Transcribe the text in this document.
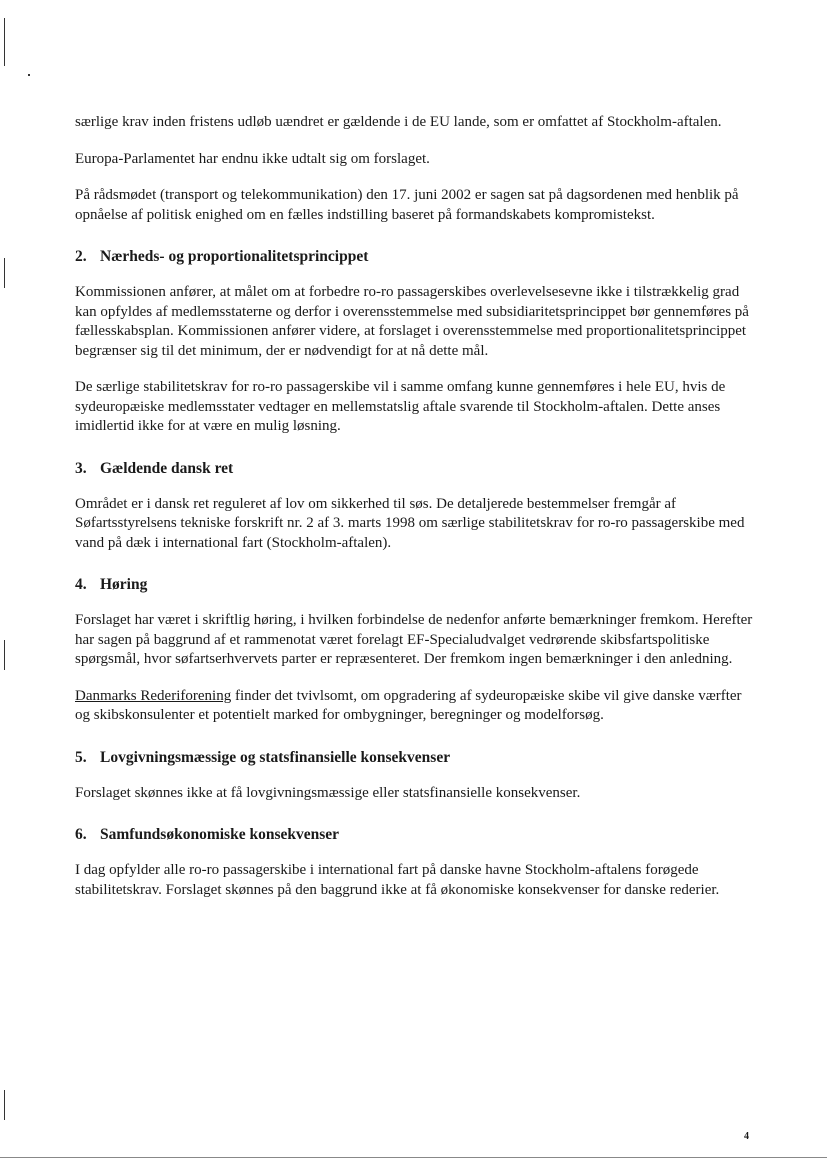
særlige krav inden fristens udløb uændret er gældende i de EU lande, som er omfattet af Stockholm-aftalen.

Europa-Parlamentet har endnu ikke udtalt sig om forslaget.

På rådsmødet (transport og telekommunikation) den 17. juni 2002 er sagen sat på dagsordenen med henblik på opnåelse af politisk enighed om en fælles indstilling baseret på formandskabets kompromistekst.

2. Nærheds- og proportionalitetsprincippet

Kommissionen anfører, at målet om at forbedre ro-ro passagerskibes overlevelsesevne ikke i tilstrækkelig grad kan opfyldes af medlemsstaterne og derfor i overensstemmelse med subsidiaritetsprincippet bør gennemføres på fællesskabsplan. Kommissionen anfører videre, at forslaget i overensstemmelse med proportionalitetsprincippet begrænser sig til det minimum, der er nødvendigt for at nå dette mål.

De særlige stabilitetskrav for ro-ro passagerskibe vil i samme omfang kunne gennemføres i hele EU, hvis de sydeuropæiske medlemsstater vedtager en mellemstatslig aftale svarende til Stockholm-aftalen. Dette anses imidlertid ikke for at være en mulig løsning.

3. Gældende dansk ret

Området er i dansk ret reguleret af lov om sikkerhed til søs. De detaljerede bestemmelser fremgår af Søfartsstyrelsens tekniske forskrift nr. 2 af 3. marts 1998 om særlige stabilitetskrav for ro-ro passagerskibe med vand på dæk i international fart (Stockholm-aftalen).

4. Høring

Forslaget har været i skriftlig høring, i hvilken forbindelse de nedenfor anførte bemærkninger fremkom. Herefter har sagen på baggrund af et rammenotat været forelagt EF-Specialudvalget vedrørende skibsfartspolitiske spørgsmål, hvor søfartserhvervets parter er repræsenteret. Der fremkom ingen bemærkninger i den anledning.

Danmarks Rederiforening finder det tvivlsomt, om opgradering af sydeuropæiske skibe vil give danske værfter og skibskonsulenter et potentielt marked for ombygninger, beregninger og modelforsøg.

5. Lovgivningsmæssige og statsfinansielle konsekvenser

Forslaget skønnes ikke at få lovgivningsmæssige eller statsfinansielle konsekvenser.

6. Samfundsøkonomiske konsekvenser

I dag opfylder alle ro-ro passagerskibe i international fart på danske havne Stockholm-aftalens forøgede stabilitetskrav. Forslaget skønnes på den baggrund ikke at få økonomiske konsekvenser for danske rederier.

4
